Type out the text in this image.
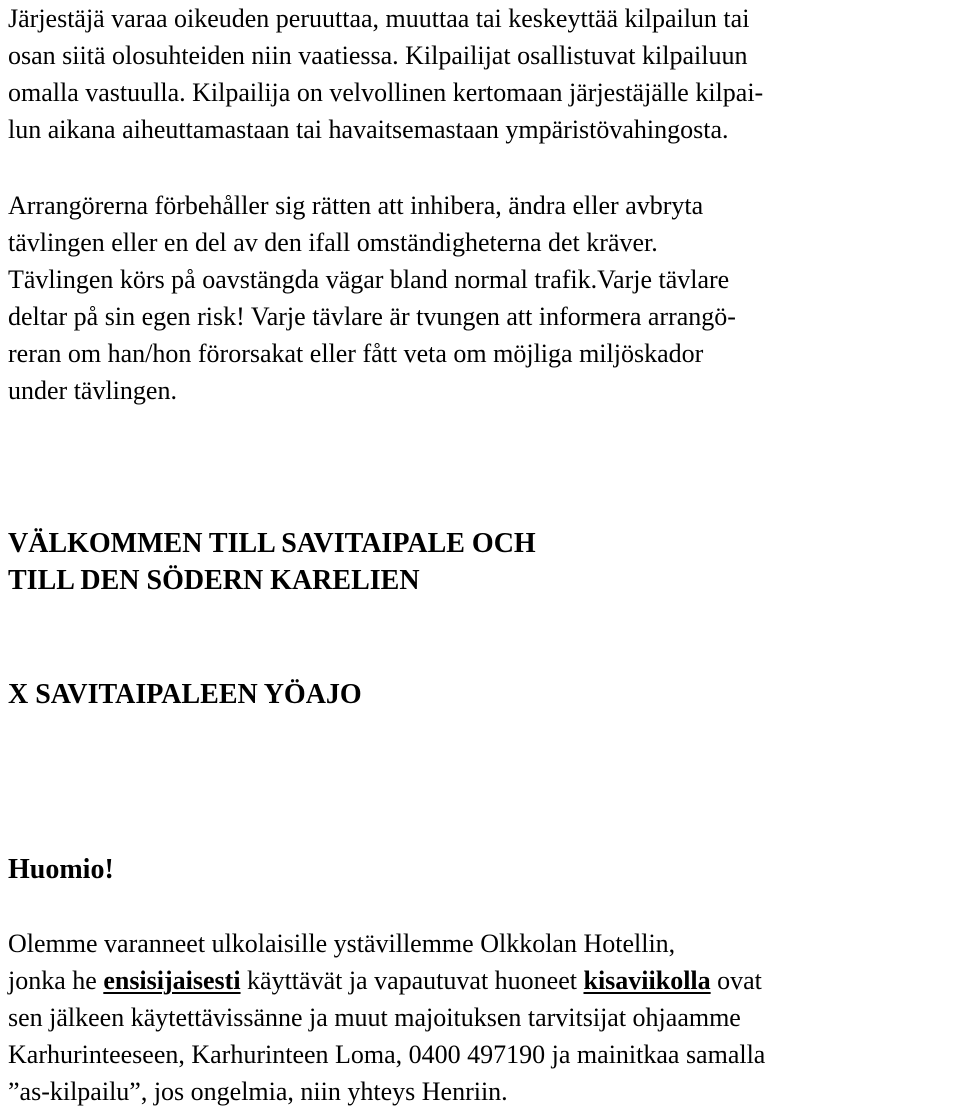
Järjestäjä varaa oikeuden peruuttaa, muuttaa tai keskeyttää kilpailun tai
osan siitä olosuhteiden niin vaatiessa. Kilpailijat osallistuvat kilpailuun
omalla vastuulla. Kilpailija on velvollinen kertomaan järjestäjälle kilpai-
lun aikana aiheuttamastaan tai havaitsemastaan ympäristövahingosta.

Arrangörerna förbehåller sig rätten att inhibera, ändra eller avbryta
tävlingen eller en del av den ifall omständigheterna det kräver.
Tävlingen körs på oavstängda vägar bland normal trafik.Varje tävlare
deltar på sin egen risk! Varje tävlare är tvungen att informera arrangö-
reran om han/hon förorsakat eller fått veta om möjliga miljöskador
under tävlingen.

VÄLKOMMEN TILL SAVITAIPALE OCH
TILL DEN SÖDERN KARELIEN
X SAVITAIPALEEN YÖAJO
Huomio!

Olemme varanneet ulkolaisille ystävillemme Olkkolan Hotellin,
jonka he ensisijaisesti käyttävät ja vapautuvat huoneet kisaviikolla ovat
sen jälkeen käytettävissänne ja muut majoituksen tarvitsijat ohjaamme
Karhurinteeseen, Karhurinteen Loma, 0400 497190 ja mainitkaa samalla
”as-kilpailu”, jos ongelmia, niin yhteys Henriin.
